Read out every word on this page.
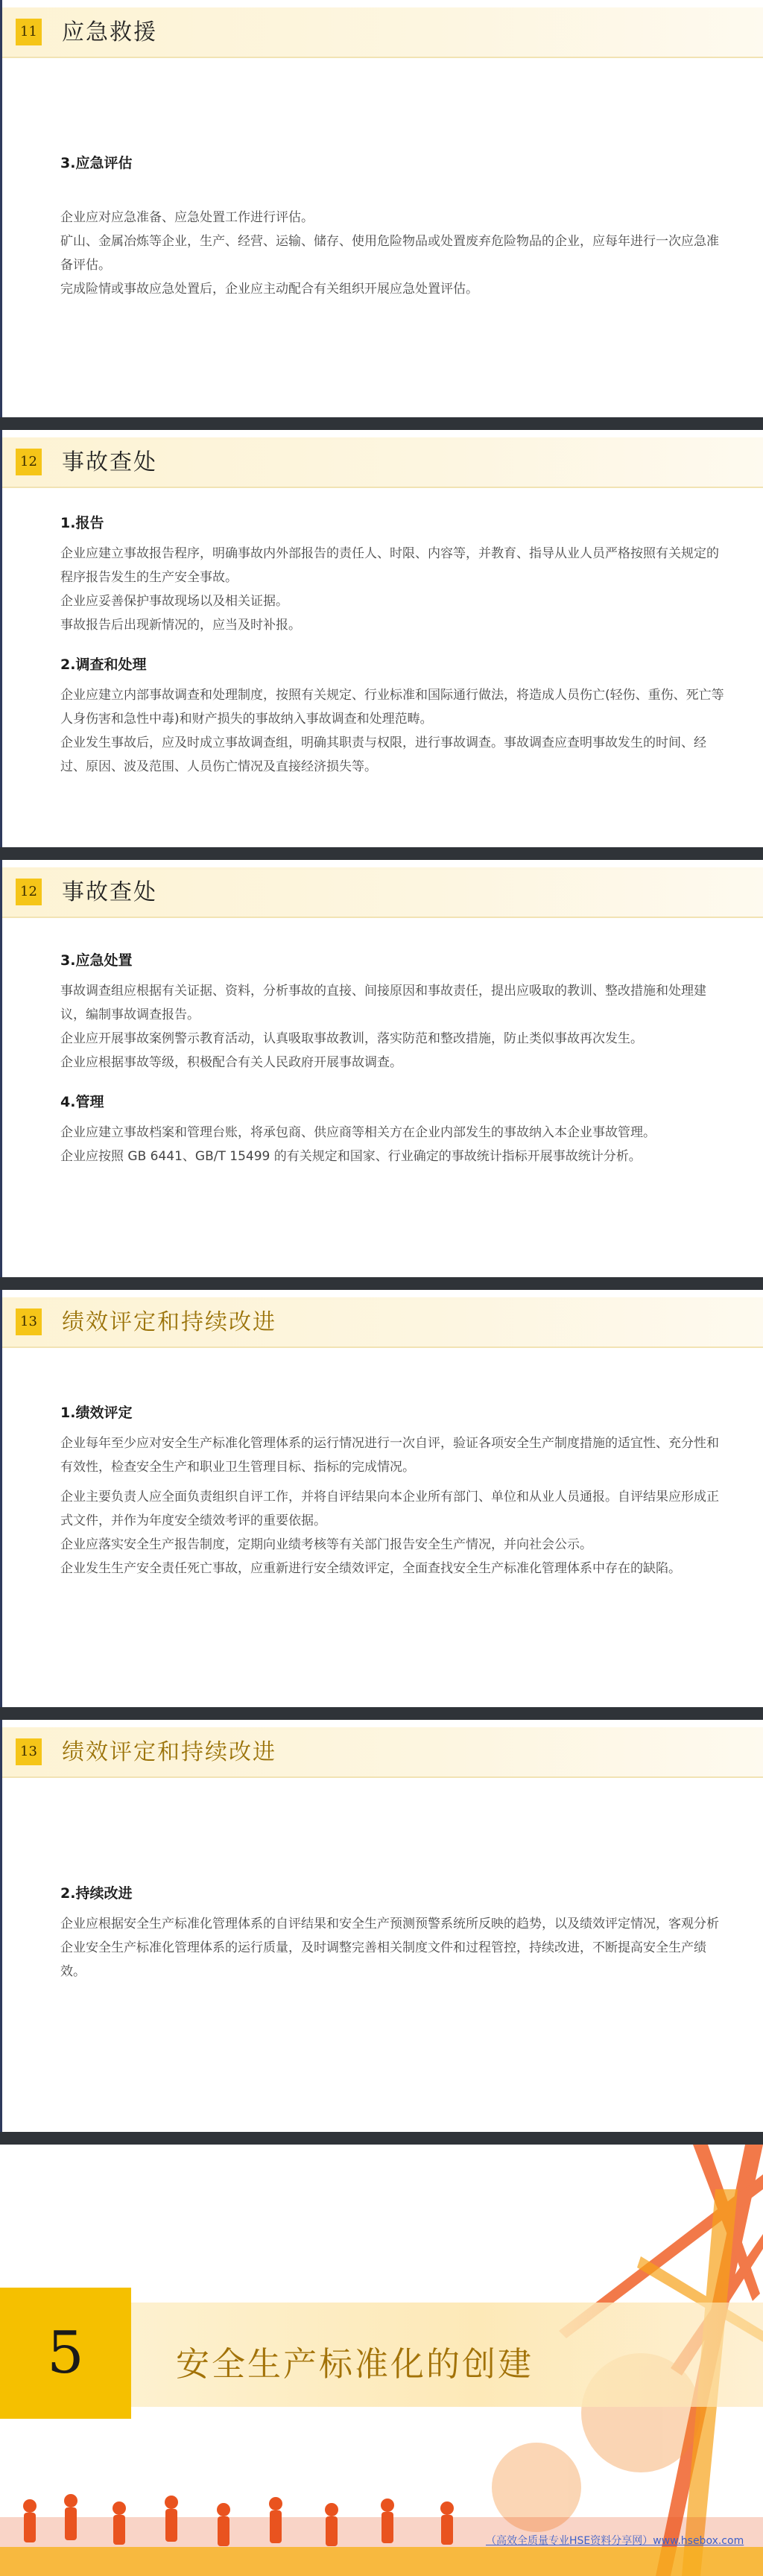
11 应急救援
3.应急评估

企业应对应急准备、应急处置工作进行评估。

矿山、金属冶炼等企业，生产、经营、运输、储存、使用危险物品或处置废弃危险物品的企业，应每年进行一次应急准备评估。

完成险情或事故应急处置后，企业应主动配合有关组织开展应急处置评估。

12 事故查处
1.报告

企业应建立事故报告程序，明确事故内外部报告的责任人、时限、内容等，并教育、指导从业人员严格按照有关规定的程序报告发生的生产安全事故。

企业应妥善保护事故现场以及相关证据。

事故报告后出现新情况的，应当及时补报。

2.调查和处理

企业应建立内部事故调查和处理制度，按照有关规定、行业标准和国际通行做法，将造成人员伤亡(轻伤、重伤、死亡等人身伤害和急性中毒)和财产损失的事故纳入事故调查和处理范畴。

企业发生事故后，应及时成立事故调查组，明确其职责与权限，进行事故调查。事故调查应查明事故发生的时间、经过、原因、波及范围、人员伤亡情况及直接经济损失等。

12 事故查处
3.应急处置

事故调查组应根据有关证据、资料，分析事故的直接、间接原因和事故责任，提出应吸取的教训、整改措施和处理建议，编制事故调查报告。

企业应开展事故案例警示教育活动，认真吸取事故教训，落实防范和整改措施，防止类似事故再次发生。

企业应根据事故等级，积极配合有关人民政府开展事故调查。

4.管理

企业应建立事故档案和管理台账，将承包商、供应商等相关方在企业内部发生的事故纳入本企业事故管理。

企业应按照 GB 6441、GB/T 15499 的有关规定和国家、行业确定的事故统计指标开展事故统计分析。

13 绩效评定和持续改进
1.绩效评定

企业每年至少应对安全生产标准化管理体系的运行情况进行一次自评，验证各项安全生产制度措施的适宜性、充分性和有效性，检查安全生产和职业卫生管理目标、指标的完成情况。

企业主要负责人应全面负责组织自评工作，并将自评结果向本企业所有部门、单位和从业人员通报。自评结果应形成正式文件，并作为年度安全绩效考评的重要依据。

企业应落实安全生产报告制度，定期向业绩考核等有关部门报告安全生产情况，并向社会公示。

企业发生生产安全责任死亡事故，应重新进行安全绩效评定，全面查找安全生产标准化管理体系中存在的缺陷。

13 绩效评定和持续改进
2.持续改进

企业应根据安全生产标准化管理体系的自评结果和安全生产预测预警系统所反映的趋势，以及绩效评定情况，客观分析企业安全生产标准化管理体系的运行质量，及时调整完善相关制度文件和过程管控，持续改进，不断提高安全生产绩效。

5	安全生产标准化的创建
（高效全质量专业HSE资料分享网）www.hsebox.com
